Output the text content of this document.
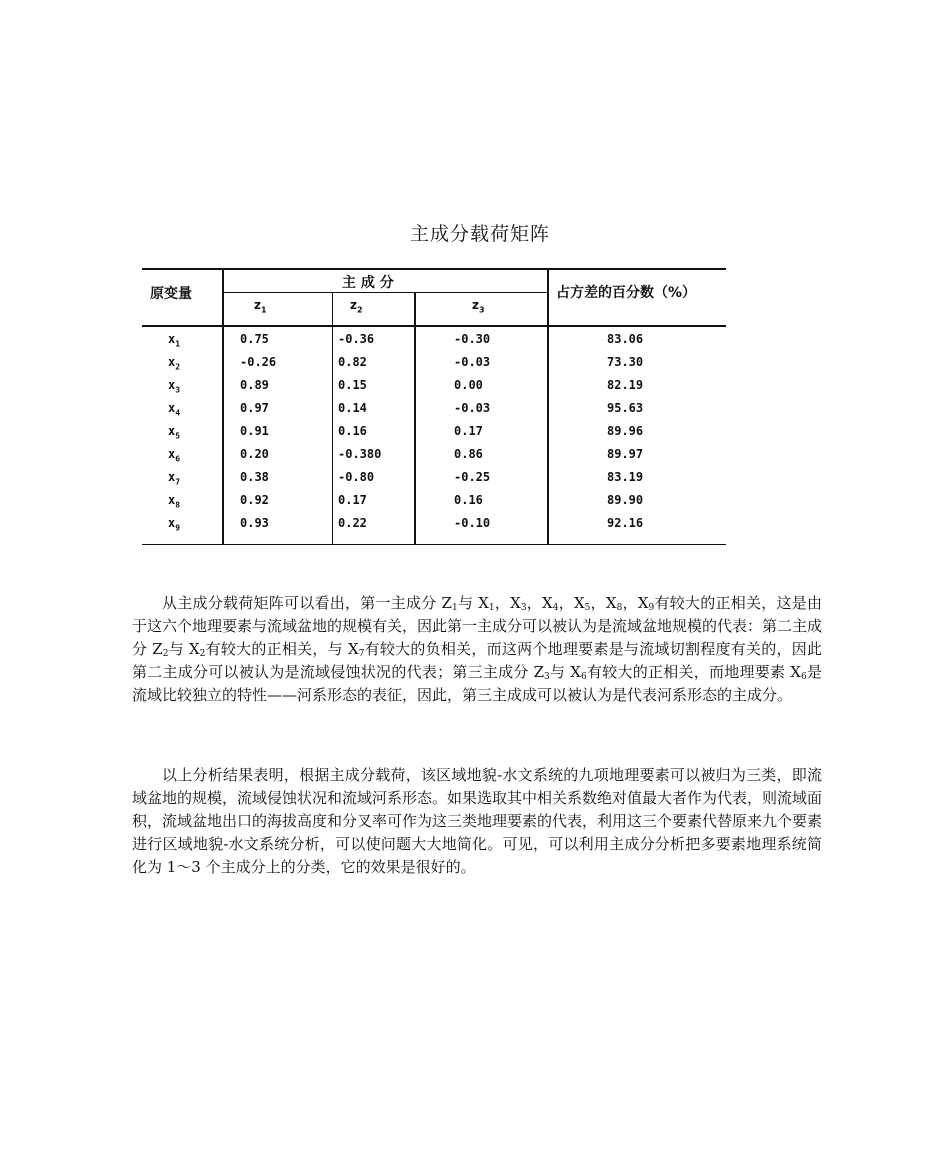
主成分载荷矩阵
原变量
主 成 分
占方差的百分数（%）
$z_1$	$z_2$	$z_3$
$x_1$	0.75	-0.36	-0.30	83.06
$x_2$	-0.26	0.82	-0.03	73.30
$x_3$	0.89	0.15	0.00	82.19
$x_4$	0.97	0.14	-0.03	95.63
$x_5$	0.91	0.16	0.17	89.96
$x_6$	0.20	-0.380	0.86	89.97
$x_7$	0.38	-0.80	-0.25	83.19
$x_8$	0.92	0.17	0.16	89.90
$x_9$	0.93	0.22	-0.10	92.16

从主成分载荷矩阵可以看出，第一主成分 $Z_1$与 $X_1$，$X_3$，$X_4$，$X_5$，$X_8$，$X_9$有较大的正相关，这是由于这六个地理要素与流域盆地的规模有关，因此第一主成分可以被认为是流域盆地规模的代表：第二主成分 $Z_2$与 $X_2$有较大的正相关，与 $X_7$有较大的负相关，而这两个地理要素是与流域切割程度有关的，因此第二主成分可以被认为是流域侵蚀状况的代表；第三主成分 $Z_3$与 $X_6$有较大的正相关，而地理要素 $X_6$是流域比较独立的特性——河系形态的表征，因此，第三主成成可以被认为是代表河系形态的主成分。

以上分析结果表明，根据主成分载荷，该区域地貌-水文系统的九项地理要素可以被归为三类，即流域盆地的规模，流域侵蚀状况和流域河系形态。如果选取其中相关系数绝对值最大者作为代表，则流域面积，流域盆地出口的海拔高度和分叉率可作为这三类地理要素的代表，利用这三个要素代替原来九个要素进行区域地貌-水文系统分析，可以使问题大大地简化。可见，可以利用主成分分析把多要素地理系统简化为 1～3 个主成分上的分类，它的效果是很好的。
